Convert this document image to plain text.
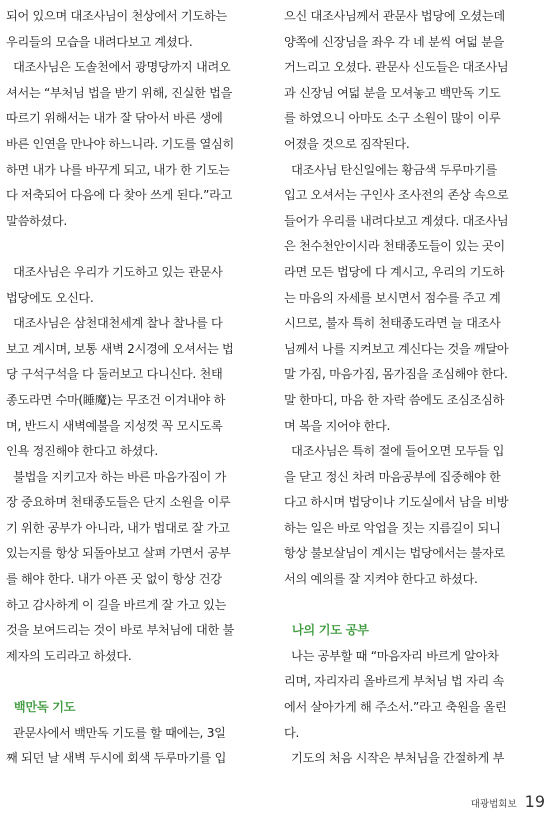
되어 있으며 대조사님이 천상에서 기도하는

우리들의 모습을 내려다보고 계셨다.

대조사님은 도솔천에서 광명당까지 내려오

셔서는 “부처님 법을 받기 위해, 진실한 법을

따르기 위해서는 내가 잘 닦아서 바른 생에

바른 인연을 만나야 하느니라. 기도를 열심히

하면 내가 나를 바꾸게 되고, 내가 한 기도는

다 저축되어 다음에 다 찾아 쓰게 된다.”라고

말씀하셨다.

대조사님은 우리가 기도하고 있는 관문사

법당에도 오신다.

대조사님은 삼천대천세계 찰나 찰나를 다

보고 계시며, 보통 새벽 2시경에 오셔서는 법

당 구석구석을 다 둘러보고 다니신다. 천태

종도라면 수마(睡魔)는 무조건 이겨내야 하

며, 반드시 새벽예불을 지성껏 꼭 모시도록

인욕 정진해야 한다고 하셨다.

불법을 지키고자 하는 바른 마음가짐이 가

장 중요하며 천태종도들은 단지 소원을 이루

기 위한 공부가 아니라, 내가 법대로 잘 가고

있는지를 항상 되돌아보고 살펴 가면서 공부

를 해야 한다. 내가 아픈 곳 없이 항상 건강

하고 감사하게 이 길을 바르게 잘 가고 있는

것을 보여드리는 것이 바로 부처님에 대한 불

제자의 도리라고 하셨다.

백만독 기도

관문사에서 백만독 기도를 할 때에는, 3일

째 되던 날 새벽 두시에 회색 두루마기를 입

으신 대조사님께서 관문사 법당에 오셨는데

양쪽에 신장님을 좌우 각 네 분씩 여덟 분을

거느리고 오셨다. 관문사 신도들은 대조사님

과 신장님 여덟 분을 모셔놓고 백만독 기도

를 하였으니 아마도 소구 소원이 많이 이루

어졌을 것으로 짐작된다.

대조사님 탄신일에는 황금색 두루마기를

입고 오셔서는 구인사 조사전의 존상 속으로

들어가 우리를 내려다보고 계셨다. 대조사님

은 천수천안이시라 천태종도들이 있는 곳이

라면 모든 법당에 다 계시고, 우리의 기도하

는 마음의 자세를 보시면서 점수를 주고 계

시므로, 불자 특히 천태종도라면 늘 대조사

님께서 나를 지켜보고 계신다는 것을 깨달아

말 가짐, 마음가짐, 몸가짐을 조심해야 한다.

말 한마디, 마음 한 자락 씀에도 조심조심하

며 복을 지어야 한다.

대조사님은 특히 절에 들어오면 모두들 입

을 닫고 정신 차려 마음공부에 집중해야 한

다고 하시며 법당이나 기도실에서 남을 비방

하는 일은 바로 악업을 짓는 지름길이 되니

항상 불보살님이 계시는 법당에서는 불자로

서의 예의를 잘 지켜야 한다고 하셨다.

나의 기도 공부

나는 공부할 때 “마음자리 바르게 알아차

리며, 자리자리 올바르게 부처님 법 자리 속

에서 살아가게 해 주소서.”라고 축원을 올린

다.

기도의 처음 시작은 부처님을 간절하게 부

대광법회보 19
